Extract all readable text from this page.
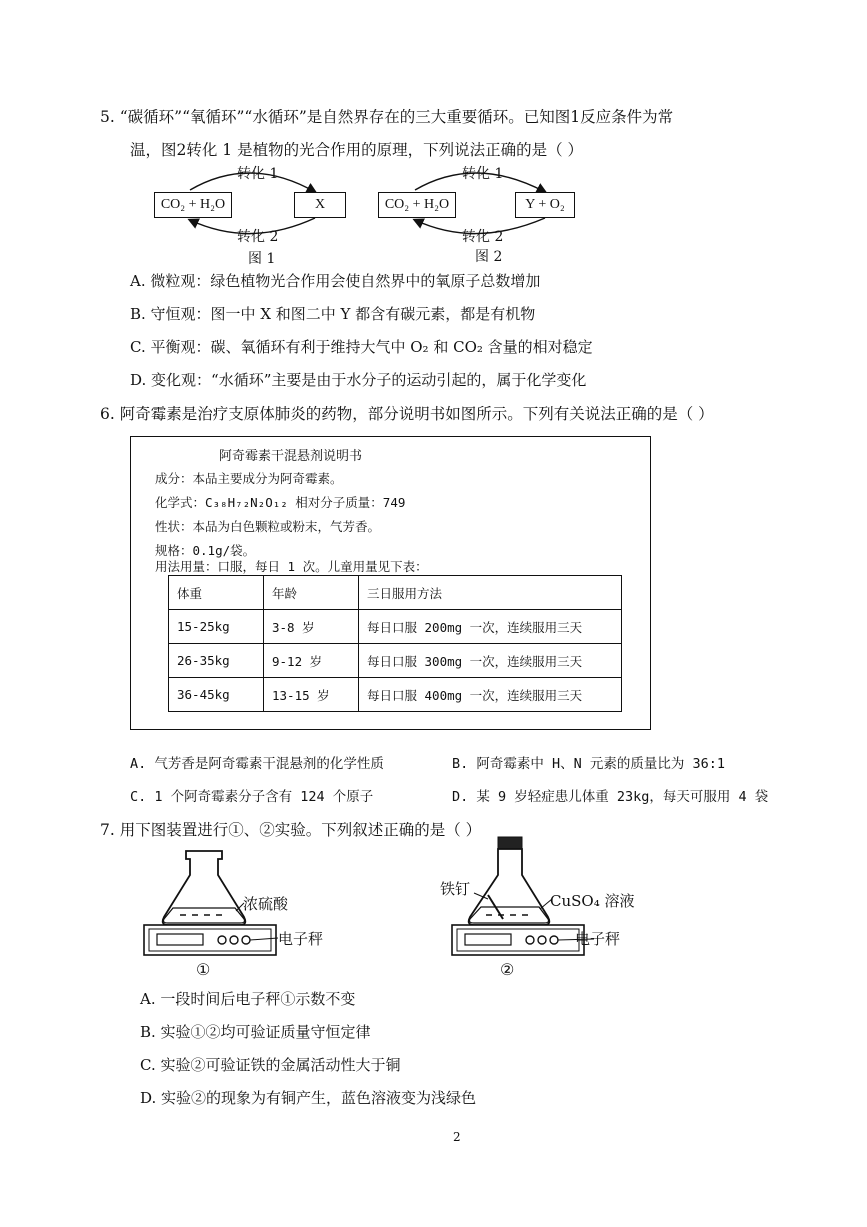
5. “碳循环”“氧循环”“水循环”是自然界存在的三大重要循环。已知图1反应条件为常
温，图2转化 1 是植物的光合作用的原理，下列说法正确的是（ ）
转化 1
CO₂ + H₂O	X
转化 2
图 1
转化 1
CO₂ + H₂O	Y + O₂
转化 2
图 2
A. 微粒观：绿色植物光合作用会使自然界中的氧原子总数增加
B. 守恒观：图一中 X 和图二中 Y 都含有碳元素，都是有机物
C. 平衡观：碳、氧循环有利于维持大气中 O₂ 和 CO₂ 含量的相对稳定
D. 变化观：“水循环”主要是由于水分子的运动引起的，属于化学变化
6. 阿奇霉素是治疗支原体肺炎的药物，部分说明书如图所示。下列有关说法正确的是（ ）
阿奇霉素干混悬剂说明书
成分：本品主要成分为阿奇霉素。
化学式：C₃₈H₇₂N₂O₁₂ 相对分子质量：749
性状：本品为白色颗粒或粉末，气芳香。
规格：0.1g/袋。
用法用量：口服，每日 1 次。儿童用量见下表：
体重	年龄	三日服用方法
15-25kg	3-8 岁	每日口服 200mg 一次，连续服用三天
26-35kg	9-12 岁	每日口服 300mg 一次，连续服用三天
36-45kg	13-15 岁	每日口服 400mg 一次，连续服用三天
A. 气芳香是阿奇霉素干混悬剂的化学性质	B. 阿奇霉素中 H、N 元素的质量比为 36:1
C. 1 个阿奇霉素分子含有 124 个原子	D. 某 9 岁轻症患儿体重 23kg，每天可服用 4 袋
7. 用下图装置进行①、②实验。下列叙述正确的是（ ）
浓硫酸
电子秤
①
铁钉
CuSO₄ 溶液
电子秤
②
A. 一段时间后电子秤①示数不变
B. 实验①②均可验证质量守恒定律
C. 实验②可验证铁的金属活动性大于铜
D. 实验②的现象为有铜产生，蓝色溶液变为浅绿色
2
